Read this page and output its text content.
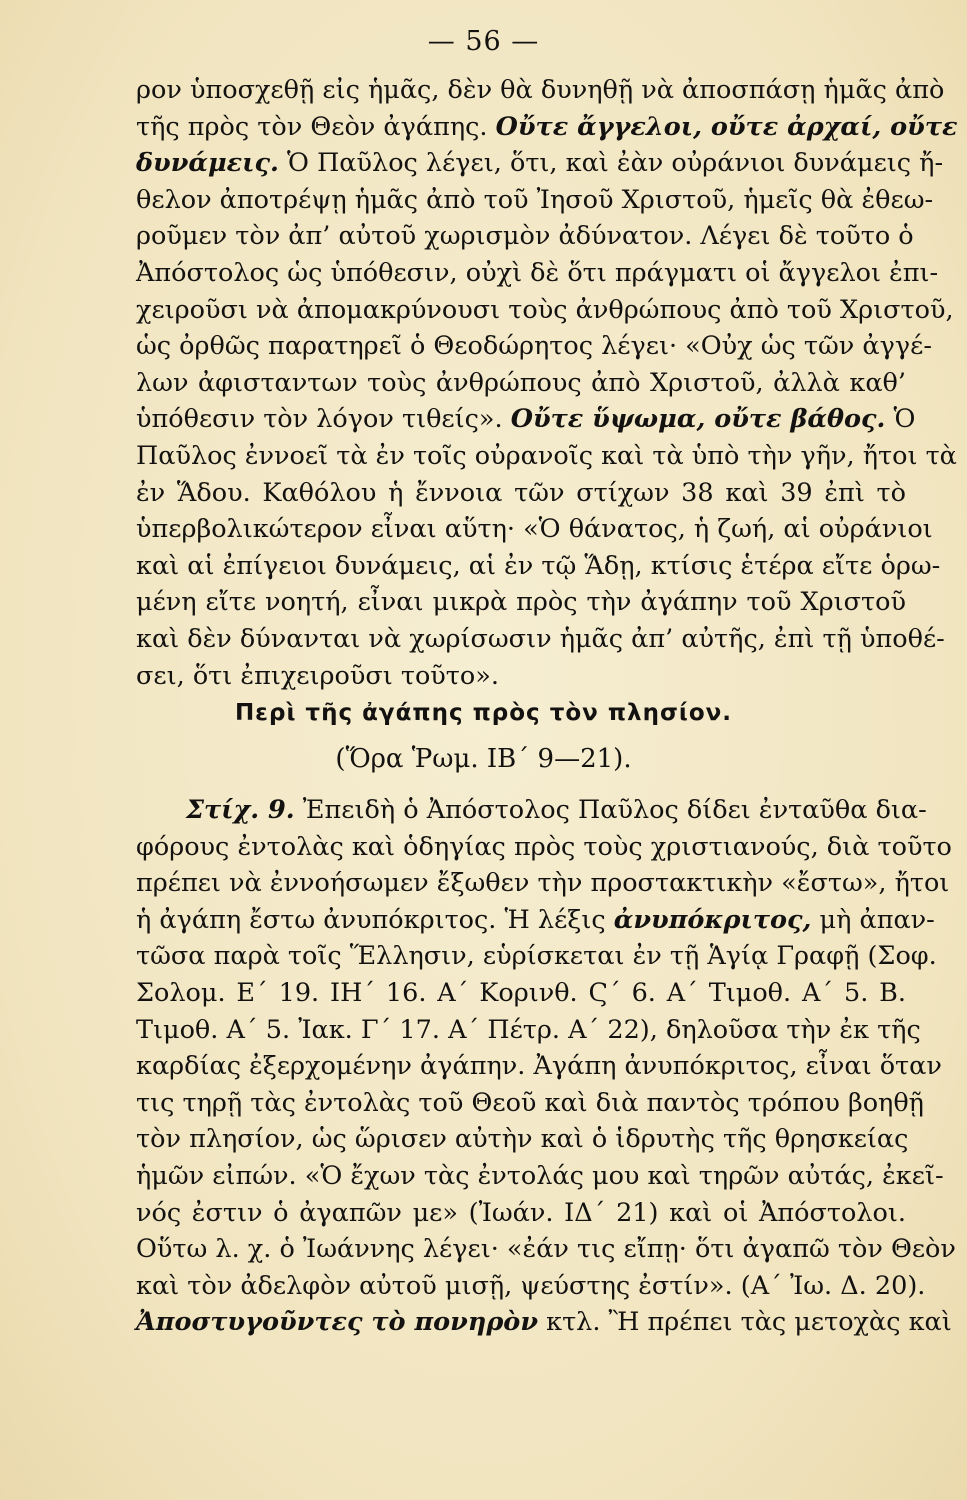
— 56 —
ρον ὑποσχεθῇ εἰς ἡμᾶς, δὲν θὰ δυνηθῇ νὰ ἀποσπάσῃ ἡμᾶς ἀπὸ
τῆς πρὸς τὸν Θεὸν ἀγάπης. Οὔτε ἄγγελοι, οὔτε ἀρχαί, οὔτε
δυνάμεις. Ὁ Παῦλος λέγει, ὅτι, καὶ ἐὰν οὐράνιοι δυνάμεις ἤ-
θελον ἀποτρέψῃ ἡμᾶς ἀπὸ τοῦ Ἰησοῦ Χριστοῦ, ἡμεῖς θὰ ἐθεω-
ροῦμεν τὸν ἀπ’ αὐτοῦ χωρισμὸν ἀδύνατον. Λέγει δὲ τοῦτο ὁ
Ἀπόστολος ὡς ὑπόθεσιν, οὐχὶ δὲ ὅτι πράγματι οἱ ἄγγελοι ἐπι-
χειροῦσι νὰ ἀπομακρύνουσι τοὺς ἀνθρώπους ἀπὸ τοῦ Χριστοῦ,
ὡς ὀρθῶς παρατηρεῖ ὁ Θεοδώρητος λέγει· «Οὐχ ὡς τῶν ἀγγέ-
λων ἀφισταντων τοὺς ἀνθρώπους ἀπὸ Χριστοῦ, ἀλλὰ καθ’
ὑπόθεσιν τὸν λόγον τιθείς». Οὔτε ὕψωμα, οὔτε βάθος. Ὁ
Παῦλος ἐννοεῖ τὰ ἐν τοῖς οὐρανοῖς καὶ τὰ ὑπὸ τὴν γῆν, ἤτοι τὰ
ἐν Ἅδου. Καθόλου ἡ ἔννοια τῶν στίχων 38 καὶ 39 ἐπὶ τὸ
ὑπερβολικώτερον εἶναι αὕτη· «Ὁ θάνατος, ἡ ζωή, αἱ οὐράνιοι
καὶ αἱ ἐπίγειοι δυνάμεις, αἱ ἐν τῷ Ἅδῃ, κτίσις ἑτέρα εἴτε ὁρω-
μένη εἴτε νοητή, εἶναι μικρὰ πρὸς τὴν ἀγάπην τοῦ Χριστοῦ
καὶ δὲν δύνανται νὰ χωρίσωσιν ἡμᾶς ἀπ’ αὐτῆς, ἐπὶ τῇ ὑποθέ-
σει, ὅτι ἐπιχειροῦσι τοῦτο».
Περὶ τῆς ἀγάπης πρὸς τὸν πλησίον.
(Ὅρα Ῥωμ. ΙΒ΄ 9—21).
Στίχ. 9. Ἐπειδὴ ὁ Ἀπόστολος Παῦλος δίδει ἐνταῦθα δια-
φόρους ἐντολὰς καὶ ὁδηγίας πρὸς τοὺς χριστιανούς, διὰ τοῦτο
πρέπει νὰ ἐννοήσωμεν ἔξωθεν τὴν προστακτικὴν «ἔστω», ἤτοι
ἡ ἀγάπη ἔστω ἀνυπόκριτος. Ἡ λέξις ἀνυπόκριτος, μὴ ἀπαν-
τῶσα παρὰ τοῖς Ἕλλησιν, εὑρίσκεται ἐν τῇ Ἁγίᾳ Γραφῇ (Σοφ.
Σολομ. Ε΄ 19. ΙΗ΄ 16. Α΄ Κορινθ. Ϛ΄ 6. Α΄ Τιμοθ. Α΄ 5. Β.
Τιμοθ. Α΄ 5. Ἰακ. Γ΄ 17. Α΄ Πέτρ. Α΄ 22), δηλοῦσα τὴν ἐκ τῆς
καρδίας ἐξερχομένην ἀγάπην. Ἀγάπη ἀνυπόκριτος, εἶναι ὅταν
τις τηρῇ τὰς ἐντολὰς τοῦ Θεοῦ καὶ διὰ παντὸς τρόπου βοηθῇ
τὸν πλησίον, ὡς ὥρισεν αὐτὴν καὶ ὁ ἱδρυτὴς τῆς θρησκείας
ἡμῶν εἰπών. «Ὁ ἔχων τὰς ἐντολάς μου καὶ τηρῶν αὐτάς, ἐκεῖ-
νός ἐστιν ὁ ἀγαπῶν με» (Ἰωάν. ΙΔ΄ 21) καὶ οἱ Ἀπόστολοι.
Οὕτω λ. χ. ὁ Ἰωάννης λέγει· «ἐάν τις εἴπῃ· ὅτι ἀγαπῶ τὸν Θεὸν
καὶ τὸν ἀδελφὸν αὐτοῦ μισῇ, ψεύστης ἐστίν». (Α΄ Ἰω. Δ. 20).
Ἀποστυγοῦντες τὸ πονηρὸν κτλ. Ἢ πρέπει τὰς μετοχὰς καὶ
